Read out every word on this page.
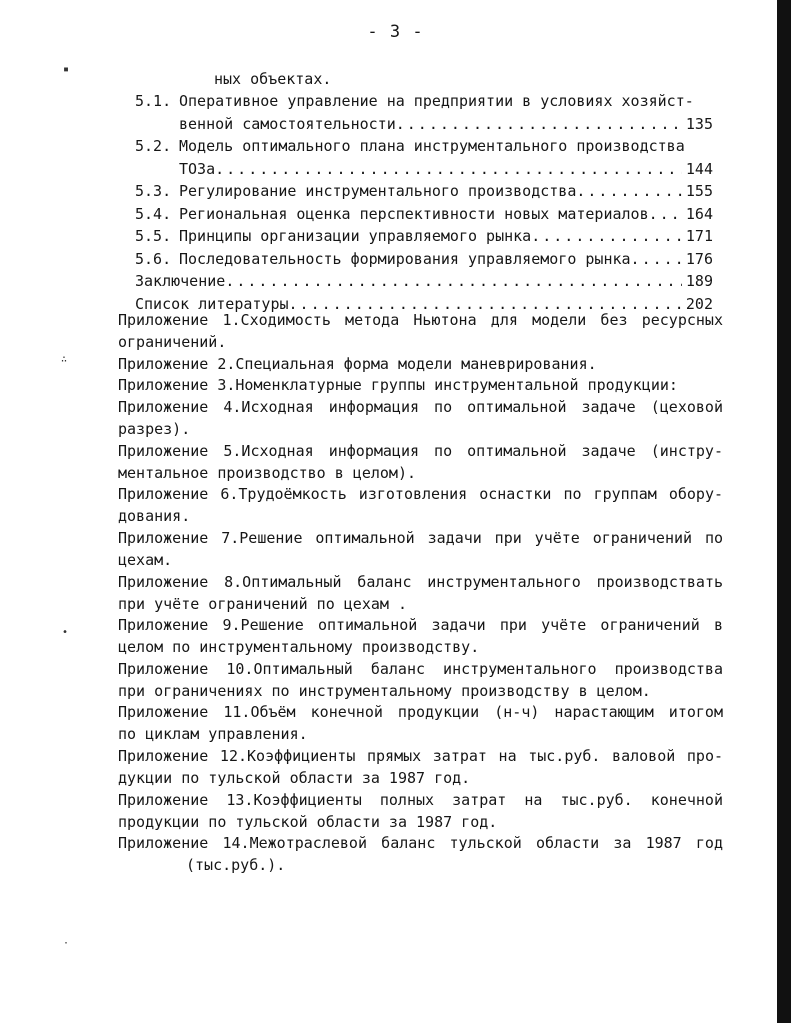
▪
∴
•
·
- 3 -
ных объектах.
5.1. Оперативное управление на предприятии в условиях хозяйст-
венной самостоятельности .....	135
5.2. Модель оптимального плана инструментального производства
ТОЗа .....	144
5.3. Регулирование инструментального производства .....	155
5.4. Региональная оценка перспективности новых материалов ..... 164
5.5. Принципы организации управляемого рынка .....	171
5.6. Последовательность формирования управляемого рынка .....	176
Заключение .....	189
Список литературы .....	202
Приложение 1.Сходимость метода Ньютона для модели без ресурсных
ограничений.
Приложение 2.Специальная форма модели маневрирования.
Приложение 3.Номенклатурные группы инструментальной продукции:
Приложение 4.Исходная информация по оптимальной задаче (цеховой
разрез).
Приложение 5.Исходная информация по оптимальной задаче (инстру-
ментальное производство в целом).
Приложение 6.Трудоёмкость изготовления оснастки по группам обору-
дования.
Приложение 7.Решение оптимальной задачи при учёте ограничений по
цехам.
Приложение 8.Оптимальный баланс инструментального производствать
при учёте ограничений по цехам .
Приложение 9.Решение оптимальной задачи при учёте ограничений в
целом по инструментальному производству.
Приложение 10.Оптимальный баланс инструментального производства
при ограничениях по инструментальному производству в целом.
Приложение 11.Объём конечной продукции (н-ч) нарастающим итогом
по циклам управления.
Приложение 12.Коэффициенты прямых затрат на тыс.руб. валовой про-
дукции по тульской области за 1987 год.
Приложение 13.Коэффициенты полных затрат на тыс.руб. конечной
продукции по тульской области за 1987 год.
Приложение 14.Межотраслевой баланс тульской области за 1987 год
(тыс.руб.).
